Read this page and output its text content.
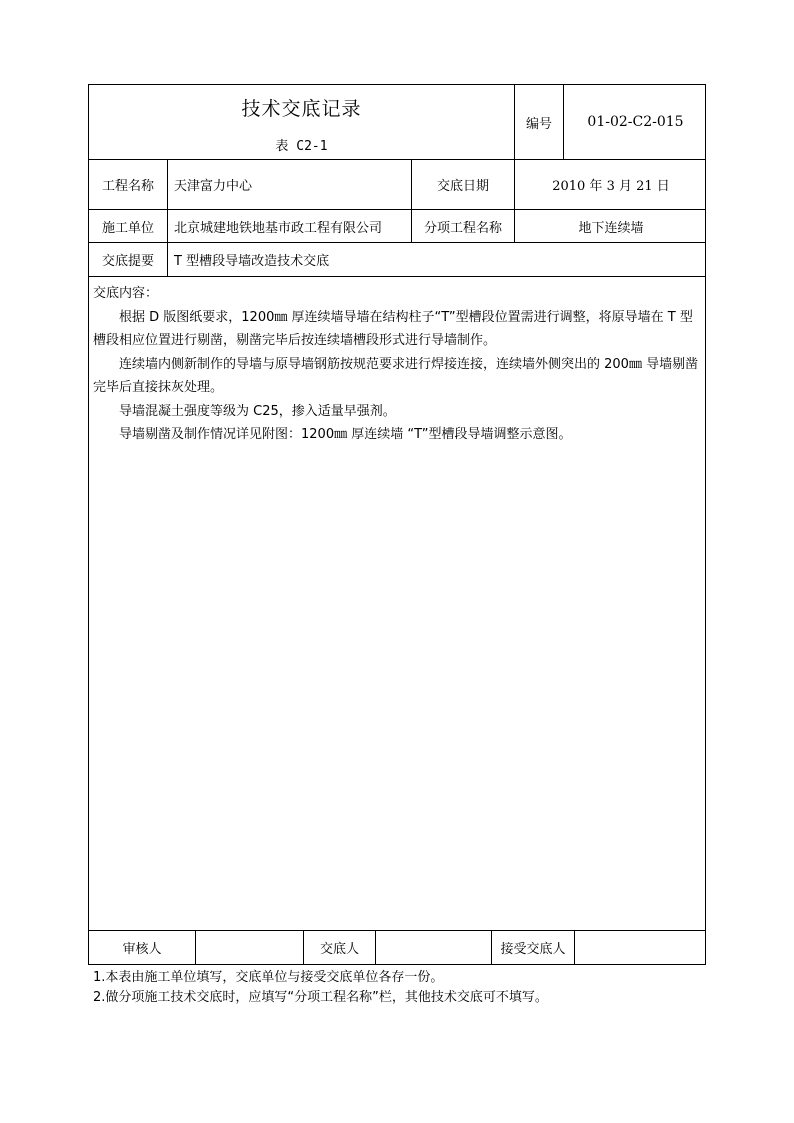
技术交底记录
表 C2-1
编号	01-02-C2-015
工程名称 天津富力中心	交底日期	2010 年 3 月 21 日
施工单位 北京城建地铁地基市政工程有限公司	分项工程名称	地下连续墙
交底提要 T 型槽段导墙改造技术交底

交底内容：

根据 D 版图纸要求，1200㎜ 厚连续墙导墙在结构柱子“T”型槽段位置需进行调整，将原导墙在 T 型槽段相应位置进行剔凿，剔凿完毕后按连续墙槽段形式进行导墙制作。

连续墙内侧新制作的导墙与原导墙钢筋按规范要求进行焊接连接，连续墙外侧突出的 200㎜ 导墙剔凿完毕后直接抹灰处理。

导墙混凝土强度等级为 C25，掺入适量早强剂。

导墙剔凿及制作情况详见附图：1200㎜ 厚连续墙 “T”型槽段导墙调整示意图。

审核人	交底人	接受交底人
1.本表由施工单位填写，交底单位与接受交底单位各存一份。
2.做分项施工技术交底时，应填写“分项工程名称”栏，其他技术交底可不填写。
